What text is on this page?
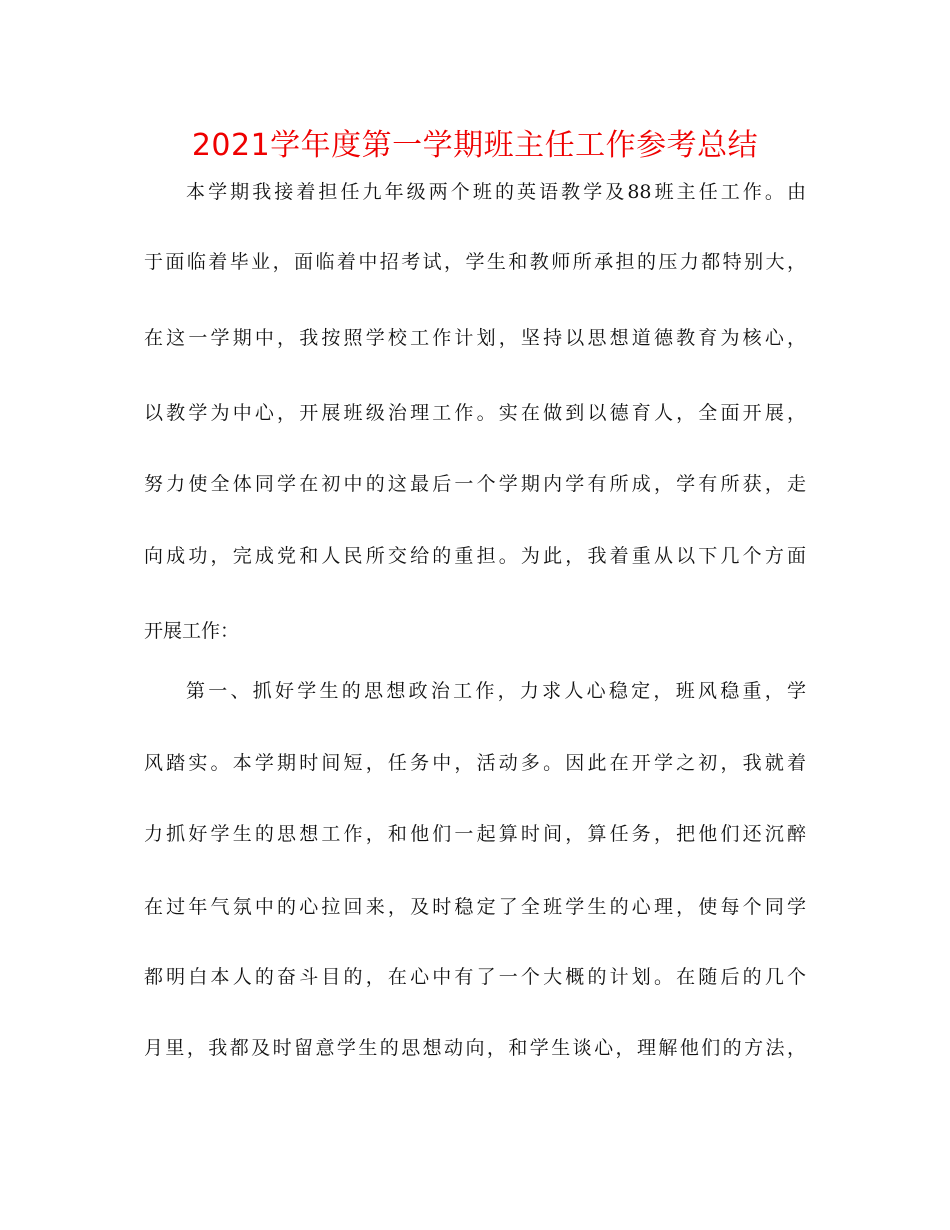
2021学年度第一学期班主任工作参考总结
本学期我接着担任九年级两个班的英语教学及88班主任工作。由
于面临着毕业，面临着中招考试，学生和教师所承担的压力都特别大，
在这一学期中，我按照学校工作计划，坚持以思想道德教育为核心，
以教学为中心，开展班级治理工作。实在做到以德育人，全面开展，
努力使全体同学在初中的这最后一个学期内学有所成，学有所获，走
向成功，完成党和人民所交给的重担。为此，我着重从以下几个方面
开展工作：
第一、抓好学生的思想政治工作，力求人心稳定，班风稳重，学
风踏实。本学期时间短，任务中，活动多。因此在开学之初，我就着
力抓好学生的思想工作，和他们一起算时间，算任务，把他们还沉醉
在过年气氛中的心拉回来，及时稳定了全班学生的心理，使每个同学
都明白本人的奋斗目的，在心中有了一个大概的计划。在随后的几个
月里，我都及时留意学生的思想动向，和学生谈心，理解他们的方法，
